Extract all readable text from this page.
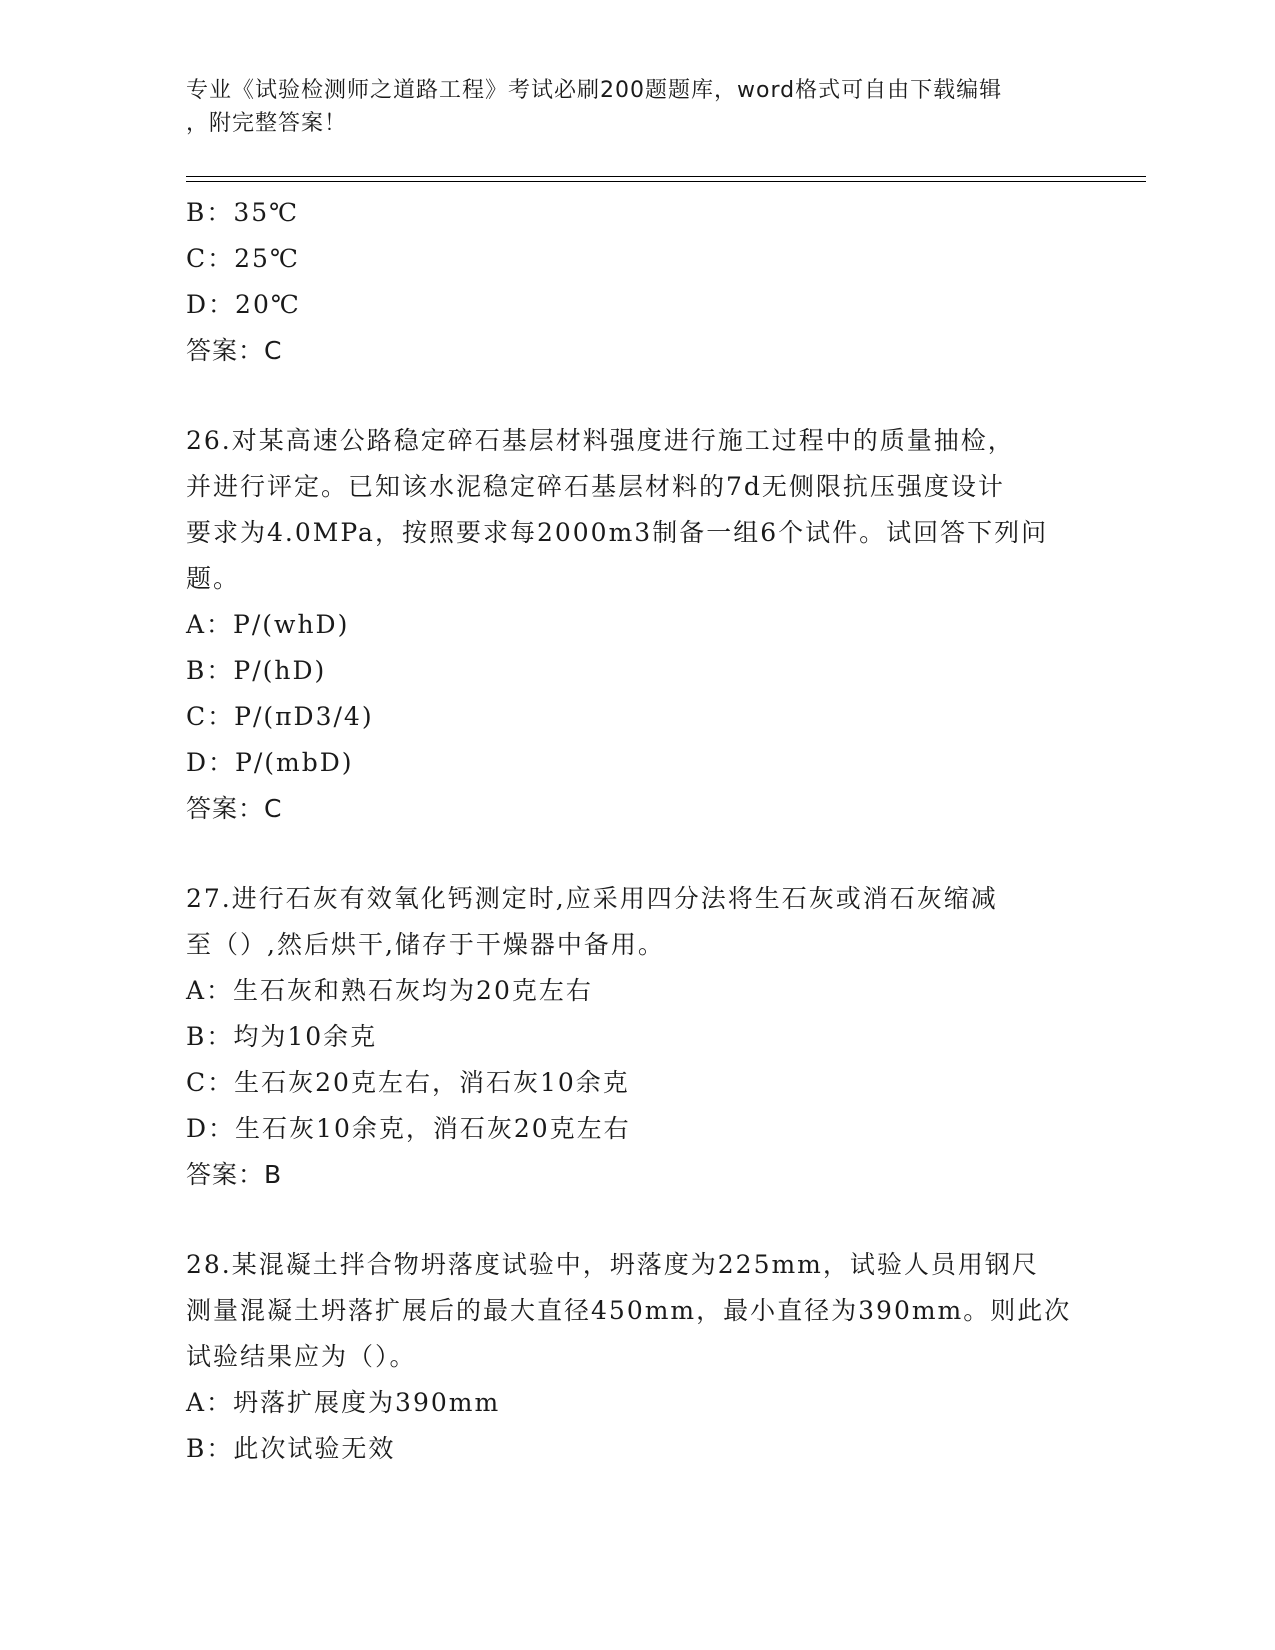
专业《试验检测师之道路工程》考试必刷200题题库，word格式可自由下载编辑
，附完整答案！
B：35℃
C：25℃
D：20℃
答案：C
26.对某高速公路稳定碎石基层材料强度进行施工过程中的质量抽检，
并进行评定。已知该水泥稳定碎石基层材料的7d无侧限抗压强度设计
要求为4.0MPa，按照要求每2000m3制备一组6个试件。试回答下列问
题。
A：P/(whD)
B：P/(hD)
C：P/(πD3/4)
D：P/(mbD)
答案：C
27.进行石灰有效氧化钙测定时,应采用四分法将生石灰或消石灰缩减
至（）,然后烘干,储存于干燥器中备用。
A：生石灰和熟石灰均为20克左右
B：均为10余克
C：生石灰20克左右，消石灰10余克
D：生石灰10余克，消石灰20克左右
答案：B
28.某混凝土拌合物坍落度试验中，坍落度为225mm，试验人员用钢尺
测量混凝土坍落扩展后的最大直径450mm，最小直径为390mm。则此次
试验结果应为（）。
A：坍落扩展度为390mm
B：此次试验无效
